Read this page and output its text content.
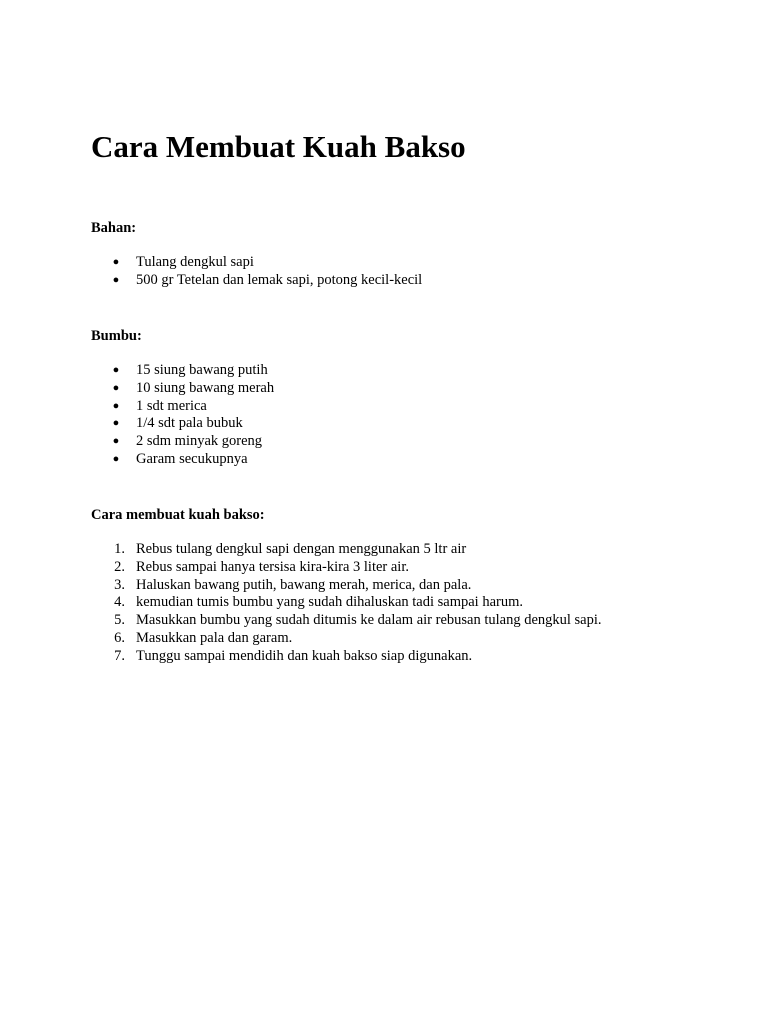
Cara Membuat Kuah Bakso
Bahan:
● Tulang dengkul sapi
● 500 gr Tetelan dan lemak sapi, potong kecil-kecil
Bumbu:
● 15 siung bawang putih
● 10 siung bawang merah
● 1 sdt merica
● 1/4 sdt pala bubuk
● 2 sdm minyak goreng
● Garam secukupnya
Cara membuat kuah bakso:
1. Rebus tulang dengkul sapi dengan menggunakan 5 ltr air
2. Rebus sampai hanya tersisa kira-kira 3 liter air.
3. Haluskan bawang putih, bawang merah, merica, dan pala.
4. kemudian tumis bumbu yang sudah dihaluskan tadi sampai harum.
5. Masukkan bumbu yang sudah ditumis ke dalam air rebusan tulang dengkul sapi.
6. Masukkan pala dan garam.
7. Tunggu sampai mendidih dan kuah bakso siap digunakan.
